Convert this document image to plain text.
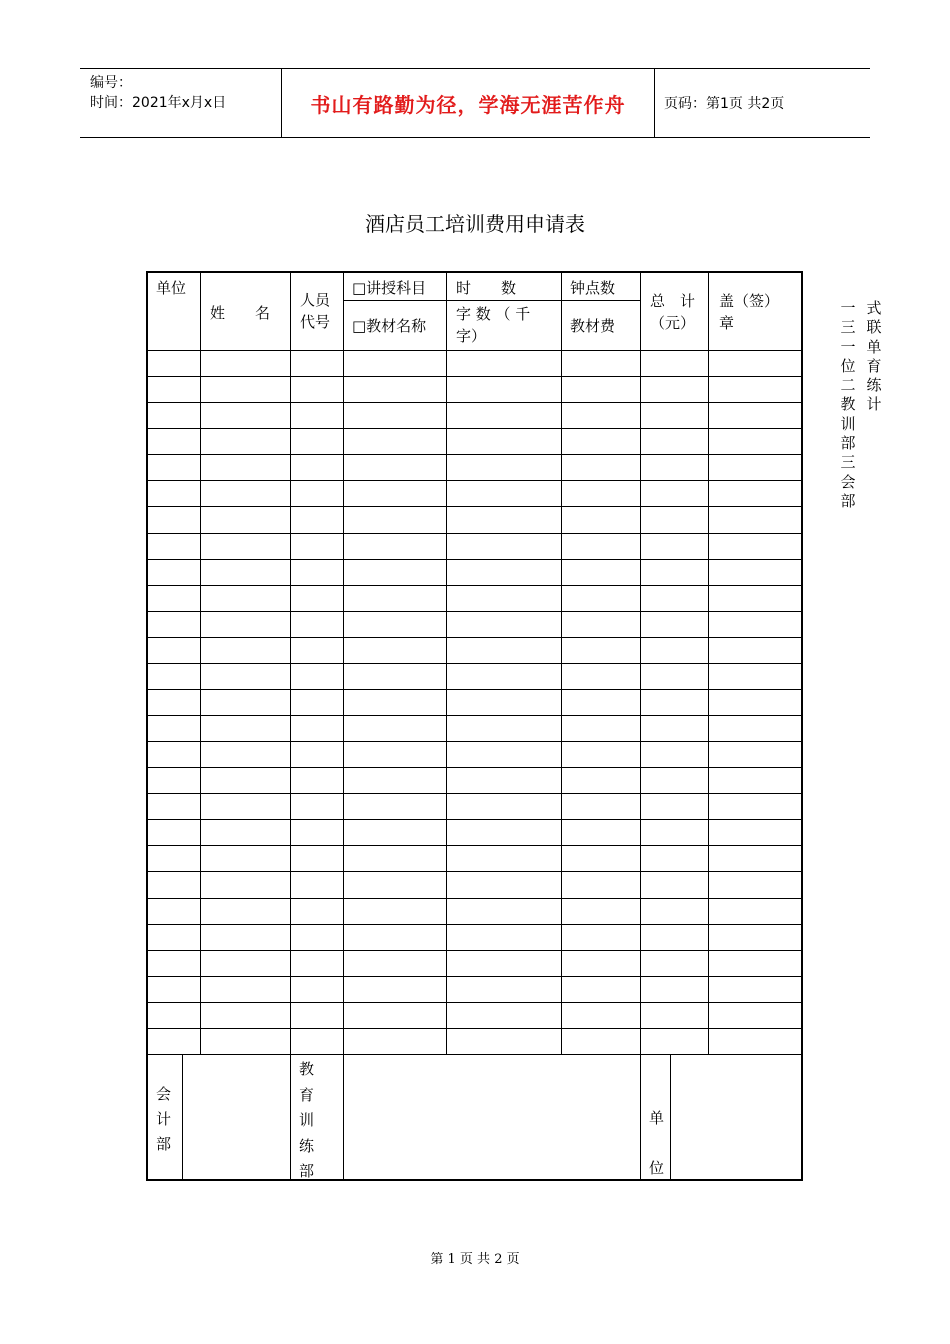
编号：
时间：2021年x月x日	书山有路勤为径，学海无涯苦作舟	页码：第1页 共2页
酒店员工培训费用申请表
单位
姓　　名
人员
代号
□讲授科目
□教材名称
时　　数
字 数 （ 千
字）
钟点数
教材费
总　计
（元）
盖（签）
章
会计部
教育训练部
单位
一三一位二教训部三会部
式联单　育练　计
第 1 页 共 2 页
